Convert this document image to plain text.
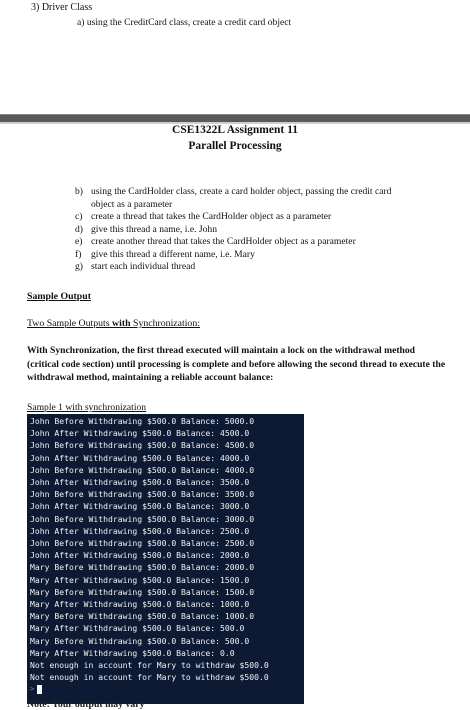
3) Driver Class
a) using the CreditCard class, create a credit card object
CSE1322L Assignment 11
Parallel Processing
b) using the CardHolder class, create a card holder object, passing the credit card
object as a parameter
c) create a thread that takes the CardHolder object as a parameter
d) give this thread a name, i.e. John
e) create another thread that takes the CardHolder object as a parameter
f)	give this thread a different name, i.e. Mary
g) start each individual thread
Sample Output
Two Sample Outputs with Synchronization:
With Synchronization, the first thread executed will maintain a lock on the withdrawal method (critical code section) until processing is complete and before allowing the second thread to execute the withdrawal method, maintaining a reliable account balance:
Sample 1 with synchronization
John Before Withdrawing $500.0 Balance: 5000.0
John After Withdrawing $500.0 Balance: 4500.0
John Before Withdrawing $500.0 Balance: 4500.0
John After Withdrawing $500.0 Balance: 4000.0
John Before Withdrawing $500.0 Balance: 4000.0
John After Withdrawing $500.0 Balance: 3500.0
John Before Withdrawing $500.0 Balance: 3500.0
John After Withdrawing $500.0 Balance: 3000.0
John Before Withdrawing $500.0 Balance: 3000.0
John After Withdrawing $500.0 Balance: 2500.0
John Before Withdrawing $500.0 Balance: 2500.0
John After Withdrawing $500.0 Balance: 2000.0
Mary Before Withdrawing $500.0 Balance: 2000.0
Mary After Withdrawing $500.0 Balance: 1500.0
Mary Before Withdrawing $500.0 Balance: 1500.0
Mary After Withdrawing $500.0 Balance: 1000.0
Mary Before Withdrawing $500.0 Balance: 1000.0
Mary After Withdrawing $500.0 Balance: 500.0
Mary Before Withdrawing $500.0 Balance: 500.0
Mary After Withdrawing $500.0 Balance: 0.0
Not enough in account for Mary to withdraw $500.0
Not enough in account for Mary to withdraw $500.0
>
Note: Your output may vary
